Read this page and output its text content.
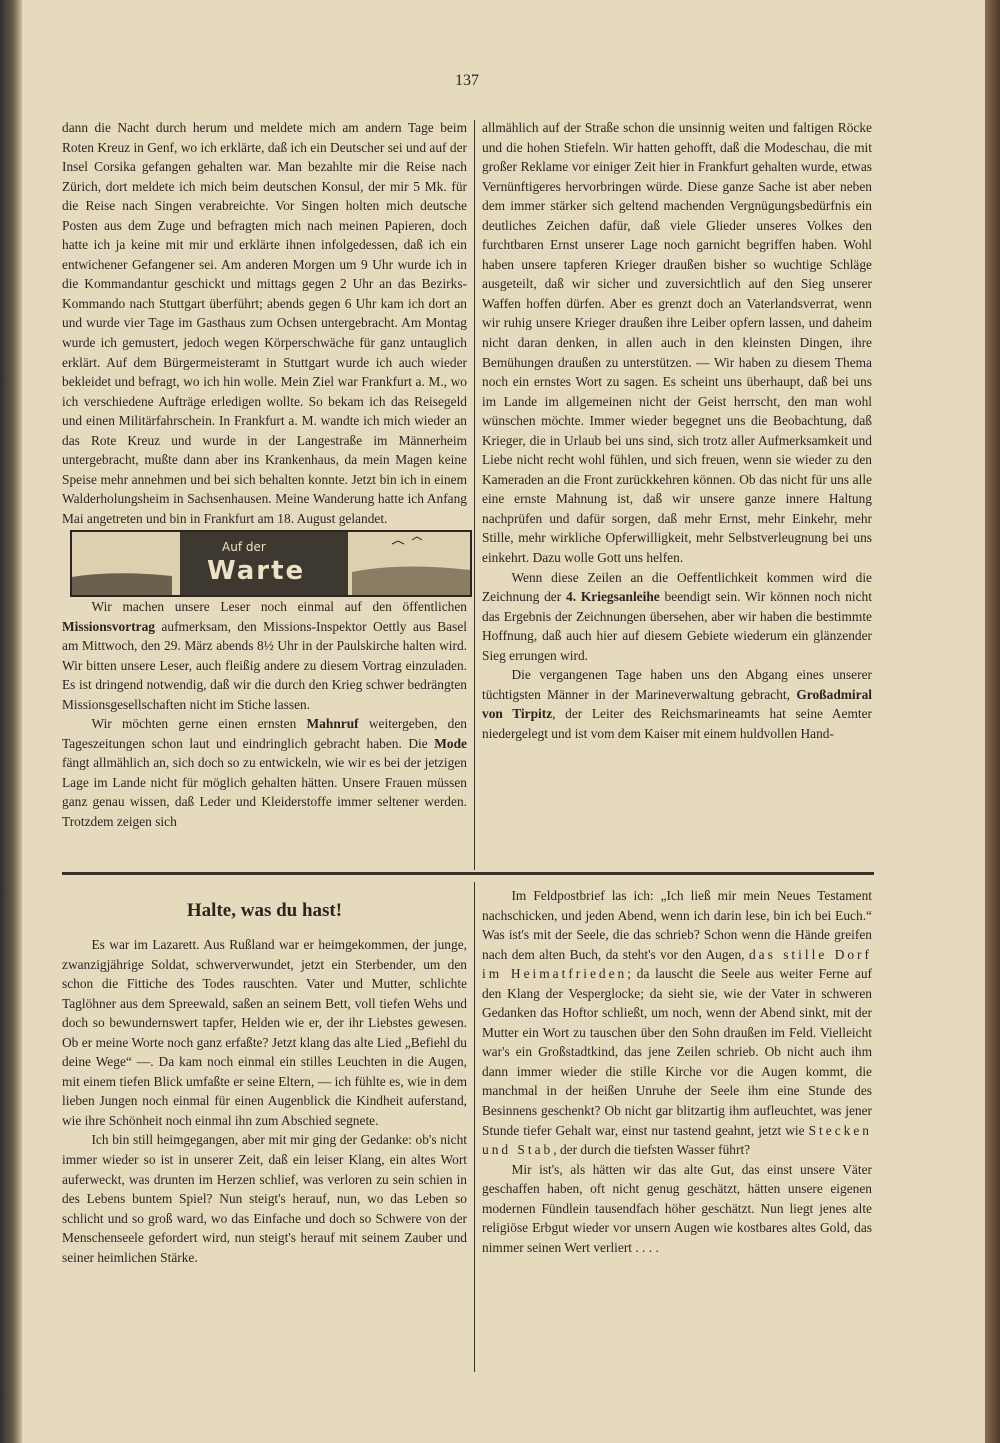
137

dann die Nacht durch herum und meldete mich am andern Tage beim Roten Kreuz in Genf, wo ich erklärte, daß ich ein Deutscher sei und auf der Insel Corsika gefangen gehalten war. Man bezahlte mir die Reise nach Zürich, dort meldete ich mich beim deutschen Konsul, der mir 5 Mk. für die Reise nach Singen verabreichte. Vor Singen holten mich deutsche Posten aus dem Zuge und befragten mich nach meinen Papieren, doch hatte ich ja keine mit mir und erklärte ihnen infolgedessen, daß ich ein entwichener Gefangener sei. Am anderen Morgen um 9 Uhr wurde ich in die Kommandantur geschickt und mittags gegen 2 Uhr an das Bezirks-Kommando nach Stuttgart überführt; abends gegen 6 Uhr kam ich dort an und wurde vier Tage im Gasthaus zum Ochsen untergebracht. Am Montag wurde ich gemustert, jedoch wegen Körperschwäche für ganz untauglich erklärt. Auf dem Bürgermeisteramt in Stuttgart wurde ich auch wieder bekleidet und befragt, wo ich hin wolle. Mein Ziel war Frankfurt a. M., wo ich verschiedene Aufträge erledigen wollte. So bekam ich das Reisegeld und einen Militärfahrschein. In Frankfurt a. M. wandte ich mich wieder an das Rote Kreuz und wurde in der Langestraße im Männerheim untergebracht, mußte dann aber ins Krankenhaus, da mein Magen keine Speise mehr annehmen und bei sich behalten konnte. Jetzt bin ich in einem Walderholungsheim in Sachsenhausen. Meine Wanderung hatte ich Anfang Mai angetreten und bin in Frankfurt am 18. August gelandet.

Auf der
Warte

Wir machen unsere Leser noch einmal auf den öffentlichen Missionsvortrag aufmerksam, den Missions-Inspektor Oettly aus Basel am Mittwoch, den 29. März abends 8½ Uhr in der Paulskirche halten wird. Wir bitten unsere Leser, auch fleißig andere zu diesem Vortrag einzuladen. Es ist dringend notwendig, daß wir die durch den Krieg schwer bedrängten Missionsgesellschaften nicht im Stiche lassen.

Wir möchten gerne einen ernsten Mahnruf weitergeben, den Tageszeitungen schon laut und eindringlich gebracht haben. Die Mode fängt allmählich an, sich doch so zu entwickeln, wie wir es bei der jetzigen Lage im Lande nicht für möglich gehalten hätten. Unsere Frauen müssen ganz genau wissen, daß Leder und Kleiderstoffe immer seltener werden. Trotzdem zeigen sich

allmählich auf der Straße schon die unsinnig weiten und faltigen Röcke und die hohen Stiefeln. Wir hatten gehofft, daß die Modeschau, die mit großer Reklame vor einiger Zeit hier in Frankfurt gehalten wurde, etwas Vernünftigeres hervorbringen würde. Diese ganze Sache ist aber neben dem immer stärker sich geltend machenden Vergnügungsbedürfnis ein deutliches Zeichen dafür, daß viele Glieder unseres Volkes den furchtbaren Ernst unserer Lage noch garnicht begriffen haben. Wohl haben unsere tapferen Krieger draußen bisher so wuchtige Schläge ausgeteilt, daß wir sicher und zuversichtlich auf den Sieg unserer Waffen hoffen dürfen. Aber es grenzt doch an Vaterlandsverrat, wenn wir ruhig unsere Krieger draußen ihre Leiber opfern lassen, und daheim nicht daran denken, in allen auch in den kleinsten Dingen, ihre Bemühungen draußen zu unterstützen. — Wir haben zu diesem Thema noch ein ernstes Wort zu sagen. Es scheint uns überhaupt, daß bei uns im Lande im allgemeinen nicht der Geist herrscht, den man wohl wünschen möchte. Immer wieder begegnet uns die Beobachtung, daß Krieger, die in Urlaub bei uns sind, sich trotz aller Aufmerksamkeit und Liebe nicht recht wohl fühlen, und sich freuen, wenn sie wieder zu den Kameraden an die Front zurückkehren können. Ob das nicht für uns alle eine ernste Mahnung ist, daß wir unsere ganze innere Haltung nachprüfen und dafür sorgen, daß mehr Ernst, mehr Einkehr, mehr Stille, mehr wirkliche Opferwilligkeit, mehr Selbstverleugnung bei uns einkehrt. Dazu wolle Gott uns helfen.

Wenn diese Zeilen an die Oeffentlichkeit kommen wird die Zeichnung der 4. Kriegsanleihe beendigt sein. Wir können noch nicht das Ergebnis der Zeichnungen übersehen, aber wir haben die bestimmte Hoffnung, daß auch hier auf diesem Gebiete wiederum ein glänzender Sieg errungen wird.

Die vergangenen Tage haben uns den Abgang eines unserer tüchtigsten Männer in der Marineverwaltung gebracht, Großadmiral von Tirpitz, der Leiter des Reichsmarineamts hat seine Aemter niedergelegt und ist vom dem Kaiser mit einem huldvollen Hand-

Halte, was du hast!

Es war im Lazarett. Aus Rußland war er heimgekommen, der junge, zwanzigjährige Soldat, schwerverwundet, jetzt ein Sterbender, um den schon die Fittiche des Todes rauschten. Vater und Mutter, schlichte Taglöhner aus dem Spreewald, saßen an seinem Bett, voll tiefen Wehs und doch so bewundernswert tapfer, Helden wie er, der ihr Liebstes gewesen. Ob er meine Worte noch ganz erfaßte? Jetzt klang das alte Lied „Befiehl du deine Wege“ —. Da kam noch einmal ein stilles Leuchten in die Augen, mit einem tiefen Blick umfaßte er seine Eltern, — ich fühlte es, wie in dem lieben Jungen noch einmal für einen Augenblick die Kindheit auferstand, wie ihre Schönheit noch einmal ihn zum Abschied segnete.

Ich bin still heimgegangen, aber mit mir ging der Gedanke: ob's nicht immer wieder so ist in unserer Zeit, daß ein leiser Klang, ein altes Wort auferweckt, was drunten im Herzen schlief, was verloren zu sein schien in des Lebens buntem Spiel? Nun steigt's herauf, nun, wo das Leben so schlicht und so groß ward, wo das Einfache und doch so Schwere von der Menschenseele gefordert wird, nun steigt's herauf mit seinem Zauber und seiner heimlichen Stärke.

Im Feldpostbrief las ich: „Ich ließ mir mein Neues Testament nachschicken, und jeden Abend, wenn ich darin lese, bin ich bei Euch.“ Was ist's mit der Seele, die das schrieb? Schon wenn die Hände greifen nach dem alten Buch, da steht's vor den Augen, das stille Dorf im Heimatfrieden; da lauscht die Seele aus weiter Ferne auf den Klang der Vesperglocke; da sieht sie, wie der Vater in schweren Gedanken das Hoftor schließt, um noch, wenn der Abend sinkt, mit der Mutter ein Wort zu tauschen über den Sohn draußen im Feld. Vielleicht war's ein Großstadtkind, das jene Zeilen schrieb. Ob nicht auch ihm dann immer wieder die stille Kirche vor die Augen kommt, die manchmal in der heißen Unruhe der Seele ihm eine Stunde des Besinnens geschenkt? Ob nicht gar blitzartig ihm aufleuchtet, was jener Stunde tiefer Gehalt war, einst nur tastend geahnt, jetzt wie Stecken und Stab, der durch die tiefsten Wasser führt?

Mir ist's, als hätten wir das alte Gut, das einst unsere Väter geschaffen haben, oft nicht genug geschätzt, hätten unsere eigenen modernen Fündlein tausendfach höher geschätzt. Nun liegt jenes alte religiöse Erbgut wieder vor unsern Augen wie kostbares altes Gold, das nimmer seinen Wert verliert . . . .
